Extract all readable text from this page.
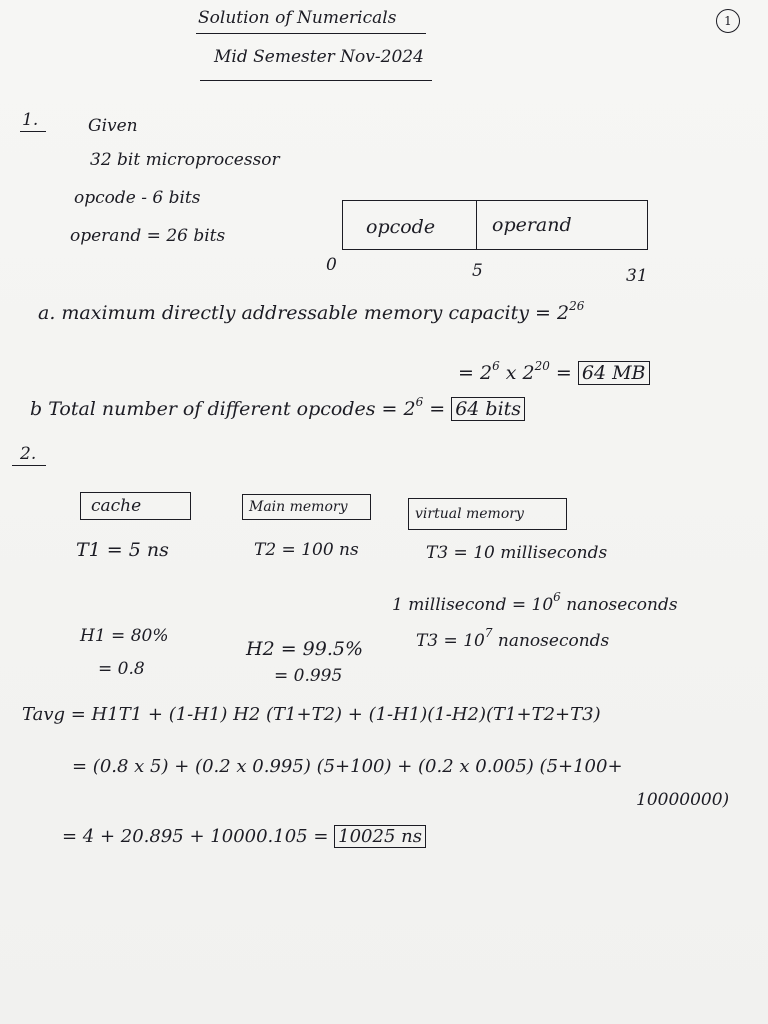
Solution of Numericals
Mid Semester Nov-2024
1
1.	Given
32 bit microprocessor
opcode - 6 bits
operand = 26 bits	opcode	operand
0	5	31
a. maximum directly addressable memory capacity = $2^{26}$
= $2^6$ x $2^{20} = 64$ MB
b Total number of different opcodes = $2^6 = 64$ bits
2.
cache	Main memory	virtual memory
T1 = 5 ns	T2 = 100 ns	T3 = 10 milliseconds
1 millisecond = $10^6$ nanoseconds
H1 = 80%
= 0.8
H2 = 99.5%
= 0.995
$T3 = 10^7$ nanoseconds
Tavg = H1T1 + (1-H1) H2 (T1+T2) + (1-H1)(1-H2)(T1+T2+T3)
= (0.8 x 5) + (0.2 x 0.995) (5+100) + (0.2 x 0.005) (5+100+
10000000)
= 4 + 20.895 + 10000.105 = 10025 ns
